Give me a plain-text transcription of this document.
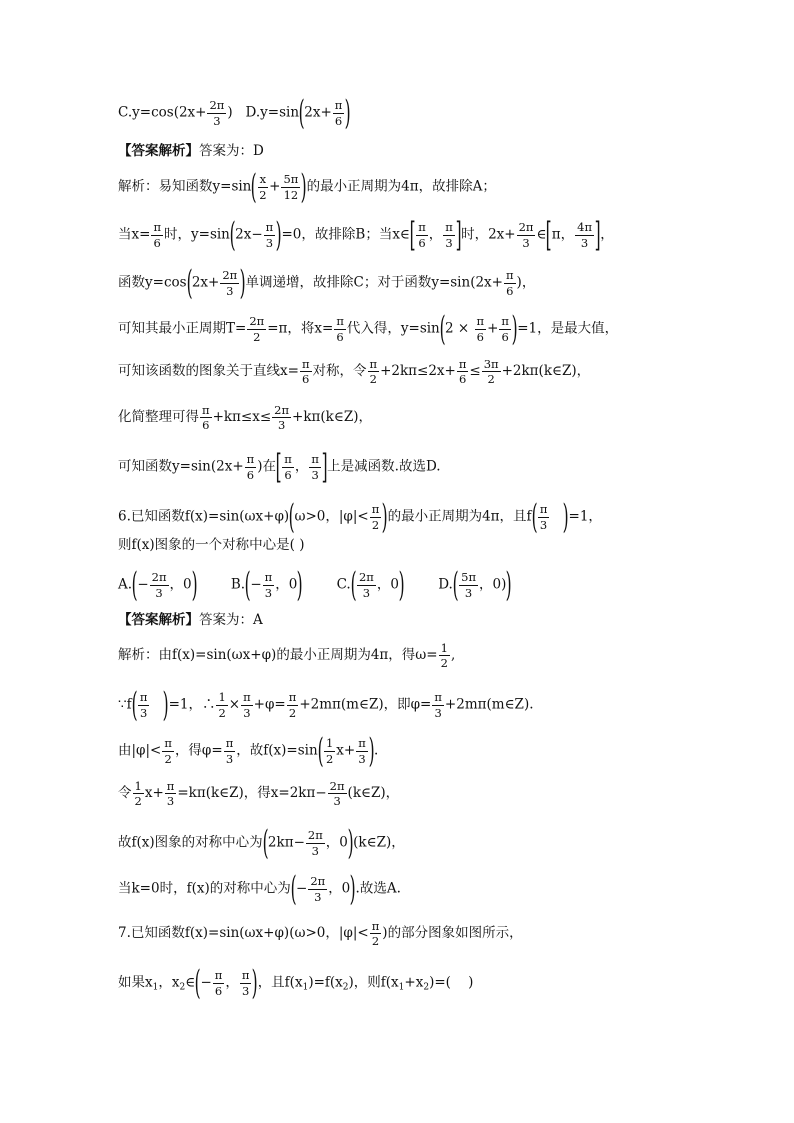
$C.y=\cos(2x+ \frac{2\pi}{3}$ )   $D.y=\sin(2x+ \frac{\pi}{6}$ )
【答案解析】答案为：D
解析：易知函数$y=\sin( \frac{x}{2} + \frac{5\pi}{12}$ )的最小正周期为4π，故排除A；
当$x= \frac{\pi}{6}$ 时，$y=\sin(2x- \frac{\pi}{3} )=0$，故排除B；当x∈[ $\frac{\pi}{6}$ ， $\frac{\pi}{3}$ ]时，$2x+ \frac{2\pi}{3}$ ∈[π， $\frac{4\pi}{3}$ ]，
函数$y=\cos(2x+ \frac{2\pi}{3}$ )单调递增，故排除C；对于函数$y=\sin(2x+ \frac{\pi}{6}$ )，
可知其最小正周期$T= \frac{2\pi}{2} =\pi$，将$x= \frac{\pi}{6}$ 代入得，$y=\sin(2 \times \frac{\pi}{6} + \frac{\pi}{6} )=1$，是最大值，
可知该函数的图象关于直线$x= \frac{\pi}{6}$ 对称，令 $\frac{\pi}{2} +2k\pi\le 2x+ \frac{\pi}{6} \le \frac{3\pi}{2}$ +2kπ(k∈Z)，
化简整理可得 $\frac{\pi}{6} +k\pi\le x\le \frac{2\pi}{3}$ +kπ(k∈Z)，
可知函数$y=\sin(2x+ \frac{\pi}{6}$ )在[ $\frac{\pi}{6}$ ， $\frac{\pi}{3}$ ]上是减函数.故选D.
6.已知函数f(x)=sin(ωx+φ)(ω>0，$|\varphi|< \frac{\pi}{2}$ )的最小正周期为4π，且$f( \frac{\pi}{3} )=1$，
则f(x)图象的一个对称中心是( )
$A.(- \frac{2\pi}{3}$ ，0) $B.(- \frac{\pi}{3}$ ，0) $C.( \frac{2\pi}{3}$ ，0) $D.( \frac{5\pi}{3}$ ，0))
【答案解析】答案为：A
解析：由f(x)=sin(ωx+φ)的最小正周期为4π，得$\omega= \frac{1}{2}$ ,
∵f( $\frac{\pi}{3} )=1$，∴ $\frac{1}{2} \times \frac{\pi}{3} +\varphi= \frac{\pi}{2}$ +2mπ(m∈Z)，即$\varphi= \frac{\pi}{3}$ +2mπ(m∈Z).
由$|\varphi|< \frac{\pi}{2}$ ，得$\varphi= \frac{\pi}{3}$ ，故$f(x)=\sin( \frac{1}{2} x+ \frac{\pi}{3}$ ).
令 $\frac{1}{2} x+ \frac{\pi}{3}$ =kπ(k∈Z)，得$x=2k\pi- \frac{2\pi}{3}$ (k∈Z)，
故f(x)图象的对称中心为($2k\pi- \frac{2\pi}{3}$ ，0)(k∈Z)，
当k=0时，f(x)的对称中心为(− $\frac{2\pi}{3}$ ，0).故选A.
7.已知函数f(x)=sin(ωx+φ)(ω>0，$|\varphi|< \frac{\pi}{2}$ )的部分图象如图所示，
如果$x_1$，$x_2\in(- \frac{\pi}{6}$ ， $\frac{\pi}{3}$ )，且$f(x_1)=f(x_2)$，则$f(x_1+x_2)=$(    )
